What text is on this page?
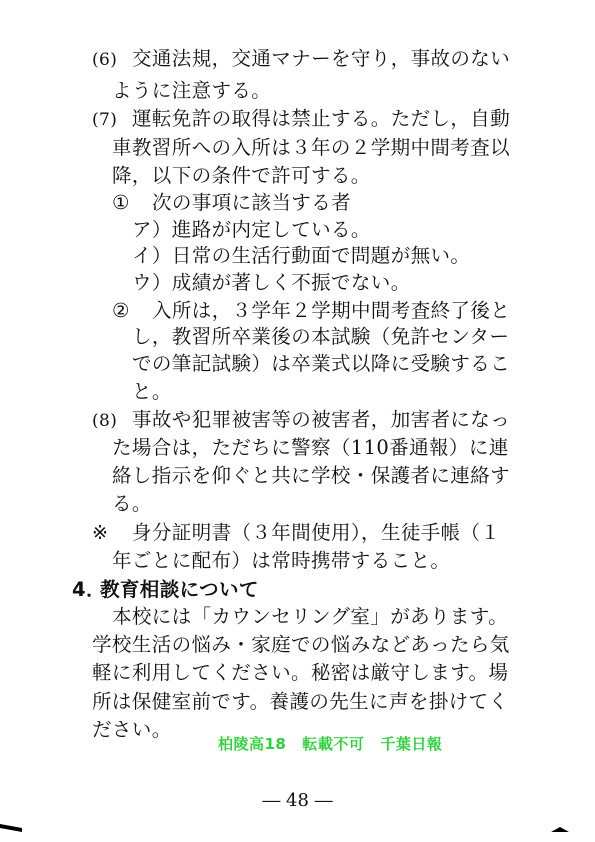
(6) 交通法規，交通マナーを守り，事故のない
ように注意する。
(7) 運転免許の取得は禁止する。ただし，自動
車教習所への入所は３年の２学期中間考査以
降，以下の条件で許可する。
① 次の事項に該当する者
ア）進路が内定している。
イ）日常の生活行動面で問題が無い。
ウ）成績が著しく不振でない。
② 入所は，３学年２学期中間考査終了後と
し，教習所卒業後の本試験（免許センター
での筆記試験）は卒業式以降に受験するこ
と。
(8) 事故や犯罪被害等の被害者，加害者になっ
た場合は，ただちに警察（110番通報）に連
絡し指示を仰ぐと共に学校・保護者に連絡す
る。
※ 身分証明書（３年間使用），生徒手帳（１
年ごとに配布）は常時携帯すること。
4．教育相談について
本校には「カウンセリング室」があります。
学校生活の悩み・家庭での悩みなどあったら気
軽に利用してください。秘密は厳守します。場
所は保健室前です。養護の先生に声を掛けてく
ださい。
柏陵高18 転載不可 千葉日報
― 48 ―
